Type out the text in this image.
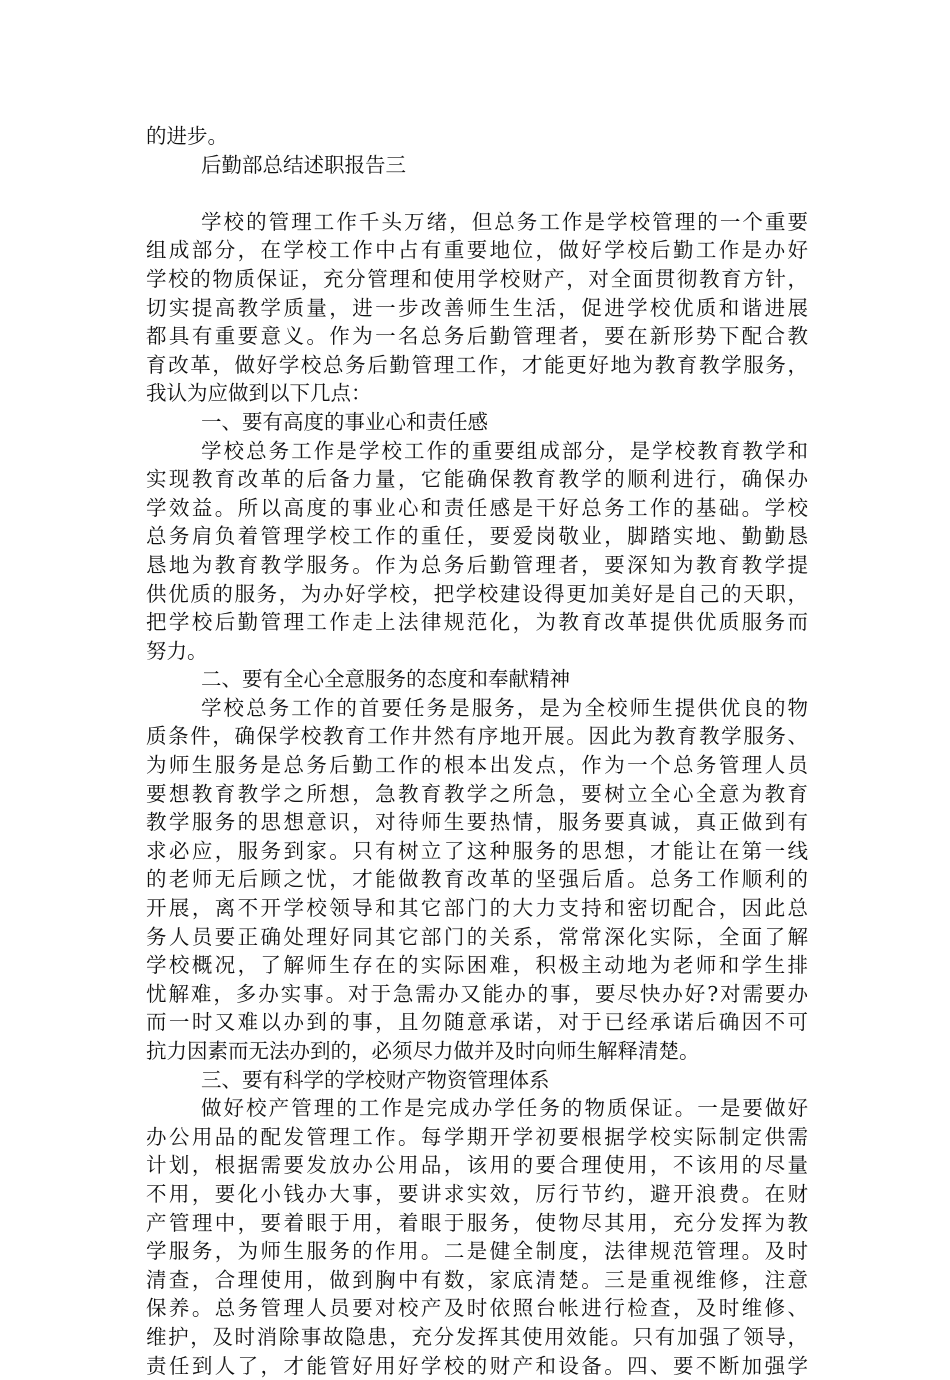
的进步。
后勤部总结述职报告三
学校的管理工作千头万绪，但总务工作是学校管理的一个重要
组成部分，在学校工作中占有重要地位，做好学校后勤工作是办好
学校的物质保证，充分管理和使用学校财产，对全面贯彻教育方针，
切实提高教学质量，进一步改善师生生活，促进学校优质和谐进展
都具有重要意义。作为一名总务后勤管理者，要在新形势下配合教
育改革，做好学校总务后勤管理工作，才能更好地为教育教学服务，
我认为应做到以下几点：
一、要有高度的事业心和责任感
学校总务工作是学校工作的重要组成部分，是学校教育教学和
实现教育改革的后备力量，它能确保教育教学的顺利进行，确保办
学效益。所以高度的事业心和责任感是干好总务工作的基础。学校
总务肩负着管理学校工作的重任，要爱岗敬业，脚踏实地、勤勤恳
恳地为教育教学服务。作为总务后勤管理者，要深知为教育教学提
供优质的服务，为办好学校，把学校建设得更加美好是自己的天职，
把学校后勤管理工作走上法律规范化，为教育改革提供优质服务而
努力。
二、要有全心全意服务的态度和奉献精神
学校总务工作的首要任务是服务，是为全校师生提供优良的物
质条件，确保学校教育工作井然有序地开展。因此为教育教学服务、
为师生服务是总务后勤工作的根本出发点，作为一个总务管理人员
要想教育教学之所想，急教育教学之所急，要树立全心全意为教育
教学服务的思想意识，对待师生要热情，服务要真诚，真正做到有
求必应，服务到家。只有树立了这种服务的思想，才能让在第一线
的老师无后顾之忧，才能做教育改革的坚强后盾。总务工作顺利的
开展，离不开学校领导和其它部门的大力支持和密切配合，因此总
务人员要正确处理好同其它部门的关系，常常深化实际，全面了解
学校概况，了解师生存在的实际困难，积极主动地为老师和学生排
忧解难，多办实事。对于急需办又能办的事，要尽快办好?对需要办
而一时又难以办到的事，且勿随意承诺，对于已经承诺后确因不可
抗力因素而无法办到的，必须尽力做并及时向师生解释清楚。
三、要有科学的学校财产物资管理体系
做好校产管理的工作是完成办学任务的物质保证。一是要做好
办公用品的配发管理工作。每学期开学初要根据学校实际制定供需
计划，根据需要发放办公用品，该用的要合理使用，不该用的尽量
不用，要化小钱办大事，要讲求实效，厉行节约，避开浪费。在财
产管理中，要着眼于用，着眼于服务，使物尽其用，充分发挥为教
学服务，为师生服务的作用。二是健全制度，法律规范管理。及时
清查，合理使用，做到胸中有数，家底清楚。三是重视维修，注意
保养。总务管理人员要对校产及时依照台帐进行检查，及时维修、
维护，及时消除事故隐患，充分发挥其使用效能。只有加强了领导，
责任到人了，才能管好用好学校的财产和设备。四、要不断加强学
